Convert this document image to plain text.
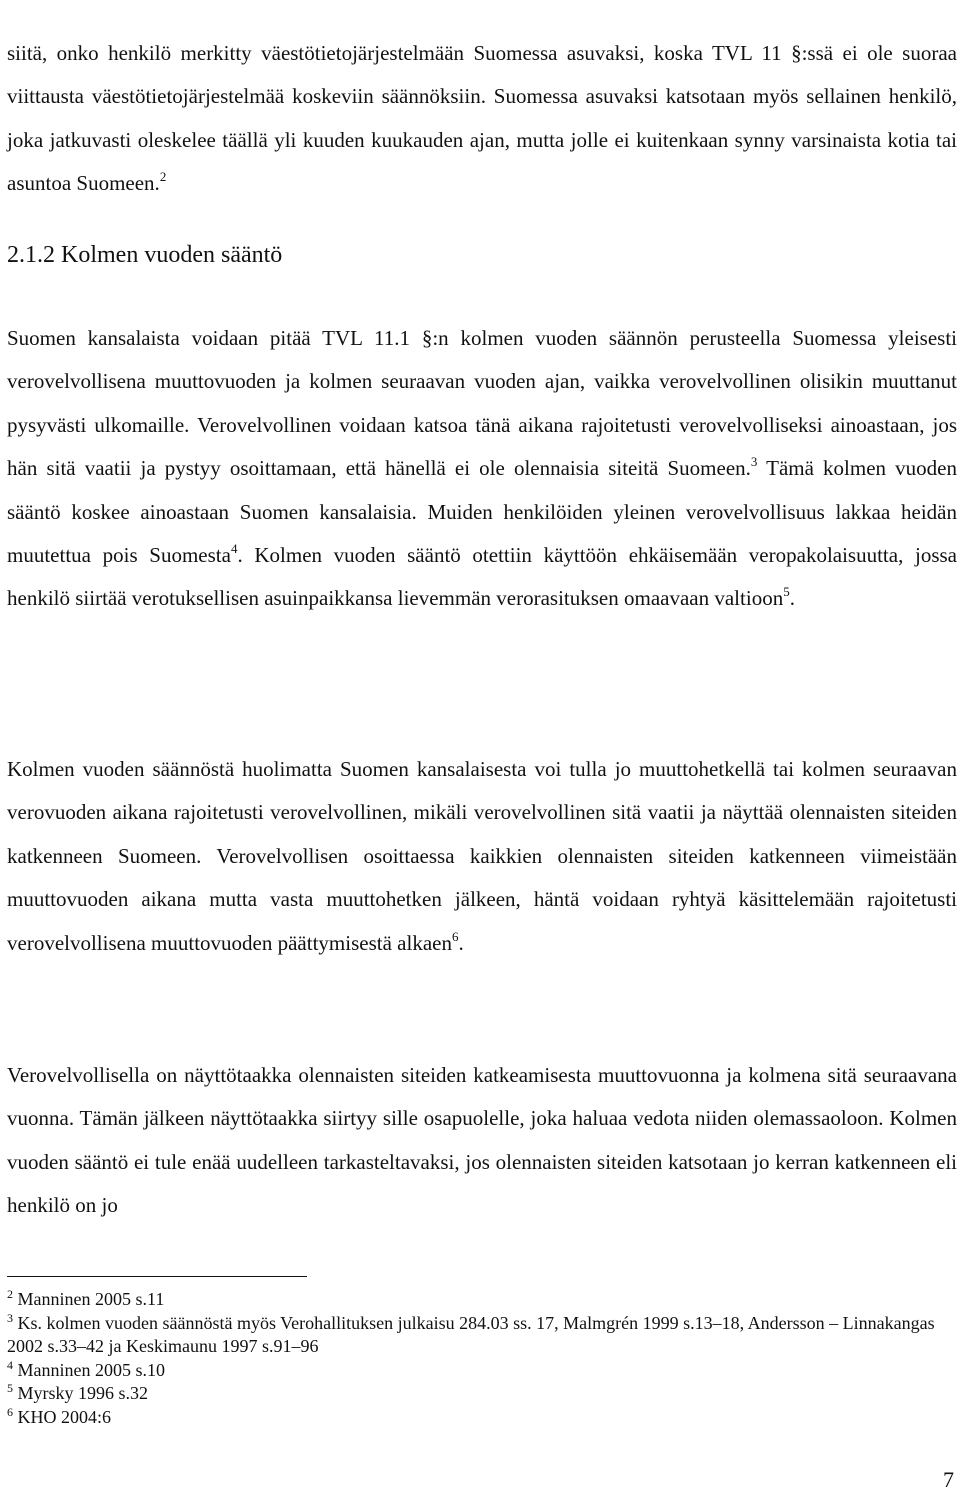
siitä, onko henkilö merkitty väestötietojärjestelmään Suomessa asuvaksi, koska TVL 11 §:ssä ei ole suoraa viittausta väestötietojärjestelmää koskeviin säännöksiin. Suomessa asuvaksi katsotaan myös sellainen henkilö, joka jatkuvasti oleskelee täällä yli kuuden kuukauden ajan, mutta jolle ei kuitenkaan synny varsinaista kotia tai asuntoa Suomeen.$^2$

2.1.2 Kolmen vuoden sääntö

Suomen kansalaista voidaan pitää TVL 11.1 §:n kolmen vuoden säännön perusteella Suomessa yleisesti verovelvollisena muuttovuoden ja kolmen seuraavan vuoden ajan, vaikka verovelvollinen olisikin muuttanut pysyvästi ulkomaille. Verovelvollinen voidaan katsoa tänä aikana rajoitetusti verovelvolliseksi ainoastaan, jos hän sitä vaatii ja pystyy osoittamaan, että hänellä ei ole olennaisia siteitä Suomeen.$^3$ Tämä kolmen vuoden sääntö koskee ainoastaan Suomen kansalaisia. Muiden henkilöiden yleinen verovelvollisuus lakkaa heidän muutettua pois Suomesta$^4$. Kolmen vuoden sääntö otettiin käyttöön ehkäisemään veropakolaisuutta, jossa henkilö siirtää verotuksellisen asuinpaikkansa lievemmän verorasituksen omaavaan valtioon$^5$.

Kolmen vuoden säännöstä huolimatta Suomen kansalaisesta voi tulla jo muuttohetkellä tai kolmen seuraavan verovuoden aikana rajoitetusti verovelvollinen, mikäli verovelvollinen sitä vaatii ja näyttää olennaisten siteiden katkenneen Suomeen. Verovelvollisen osoittaessa kaikkien olennaisten siteiden katkenneen viimeistään muuttovuoden aikana mutta vasta muuttohetken jälkeen, häntä voidaan ryhtyä käsittelemään rajoitetusti verovelvollisena muuttovuoden päättymisestä alkaen$^6$.

Verovelvollisella on näyttötaakka olennaisten siteiden katkeamisesta muuttovuonna ja kolmena sitä seuraavana vuonna. Tämän jälkeen näyttötaakka siirtyy sille osapuolelle, joka haluaa vedota niiden olemassaoloon. Kolmen vuoden sääntö ei tule enää uudelleen tarkasteltavaksi, jos olennaisten siteiden katsotaan jo kerran katkenneen eli henkilö on jo

$^2$ Manninen 2005 s.11

$^3$ Ks. kolmen vuoden säännöstä myös Verohallituksen julkaisu 284.03 ss. 17, Malmgrén 1999 s.13–18, Andersson – Linnakangas 2002 s.33–42 ja Keskimaunu 1997 s.91–96

$^4$ Manninen 2005 s.10

$^5$ Myrsky 1996 s.32

$^6$ KHO 2004:6

7
